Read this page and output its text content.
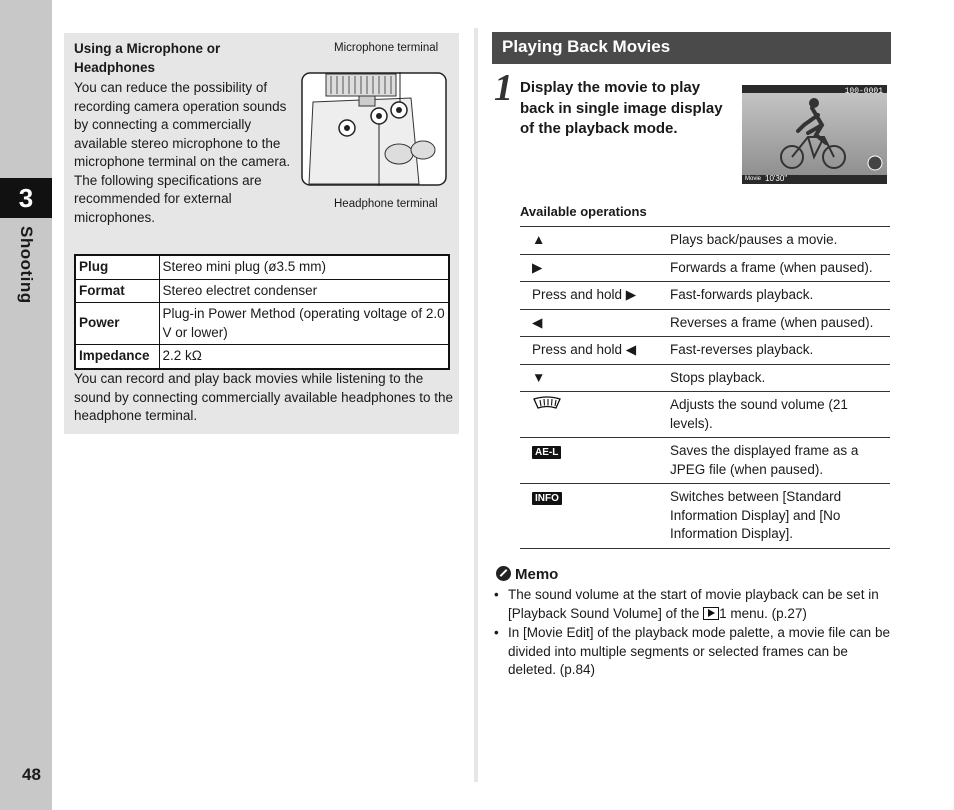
3
Shooting
48
Using a Microphone or Headphones
You can reduce the possibility of recording camera operation sounds by connecting a commercially available stereo microphone to the microphone terminal on the camera. The following specifications are recommended for external microphones.
Microphone terminal
Headphone terminal
Plug	Stereo mini plug (ø3.5 mm)
Format	Stereo electret condenser
Power	Plug-in Power Method (operating voltage of 2.0 V or lower)
Impedance	2.2 kΩ
You can record and play back movies while listening to the sound by connecting commercially available headphones to the headphone terminal.
Playing Back Movies
1 Display the movie to play back in single image display of the playback mode.
100-0001
Movie 10'30"
Available operations
▲	Plays back/pauses a movie.
▶	Forwards a frame (when paused).
Press and hold ▶	Fast-forwards playback.
◀	Reverses a frame (when paused).
Press and hold ◀	Fast-reverses playback.
▼	Stops playback.
	Adjusts the sound volume (21 levels).
AE-L	Saves the displayed frame as a JPEG file (when paused).
INFO	Switches between [Standard Information Display] and [No Information Display].
Memo
• The sound volume at the start of movie playback can be set in [Playback Sound Volume] of the 1 menu. (p.27)
• In [Movie Edit] of the playback mode palette, a movie file can be divided into multiple segments or selected frames can be deleted. (p.84)
